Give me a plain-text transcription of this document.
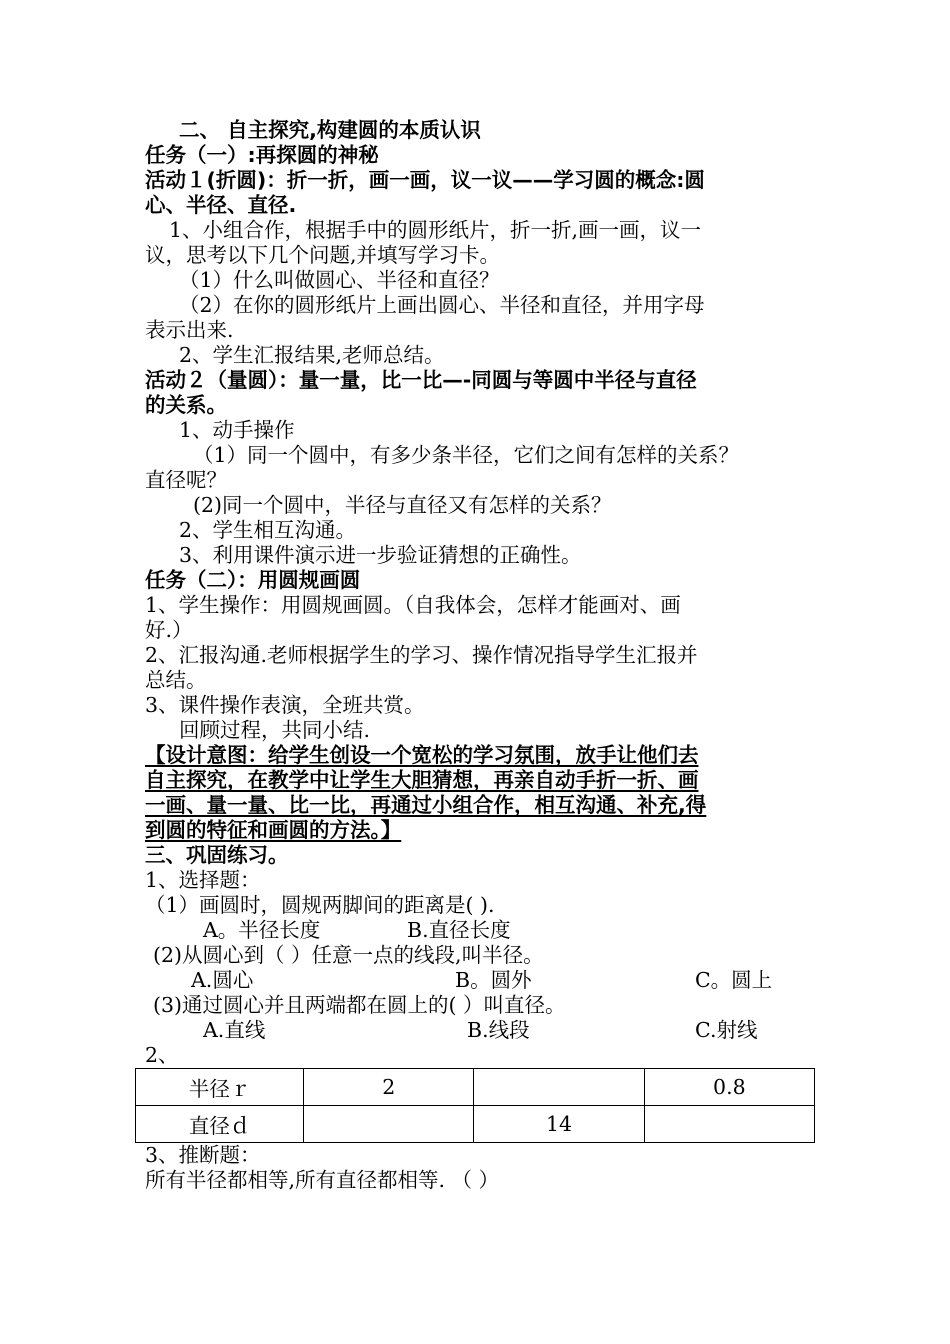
二、 自主探究,构建圆的本质认识

任务（一）:再探圆的神秘

活动１(折圆)：折一折，画一画，议一议——学习圆的概念:圆

心、半径、直径.

1、小组合作，根据手中的圆形纸片，折一折,画一画，议一

议，思考以下几个问题,并填写学习卡。

（1）什么叫做圆心、半径和直径？

（2）在你的圆形纸片上画出圆心、半径和直径，并用字母

表示出来.

2、学生汇报结果,老师总结。

活动２（量圆）：量一量，比一比—-同圆与等圆中半径与直径

的关系。

1、动手操作

（1）同一个圆中，有多少条半径，它们之间有怎样的关系？

直径呢？

(2)同一个圆中，半径与直径又有怎样的关系？

2、学生相互沟通。

3、利用课件演示进一步验证猜想的正确性。

任务（二）：用圆规画圆

1、学生操作：用圆规画圆。（自我体会，怎样才能画对、画

好.）

2、汇报沟通.老师根据学生的学习、操作情况指导学生汇报并

总结。

3、课件操作表演，全班共赏。

回顾过程，共同小结.

【设计意图：给学生创设一个宽松的学习氛围，放手让他们去

自主探究，在教学中让学生大胆猜想，再亲自动手折一折、画

一画、量一量、比一比，再通过小组合作，相互沟通、补充,得

到圆的特征和画圆的方法。】

三、巩固练习。

1、选择题：

（1）画圆时，圆规两脚间的距离是( ).

A。半径长度	B.直径长度

(2)从圆心到（ ）任意一点的线段,叫半径。

A.圆心	B。圆外	C。圆上

(3)通过圆心并且两端都在圆上的( ）叫直径。

A.直线	B.线段	C.射线

2、

半径ｒ	2		0.8
直径ｄ		14	

3、推断题：

所有半径都相等,所有直径都相等. （ ）
